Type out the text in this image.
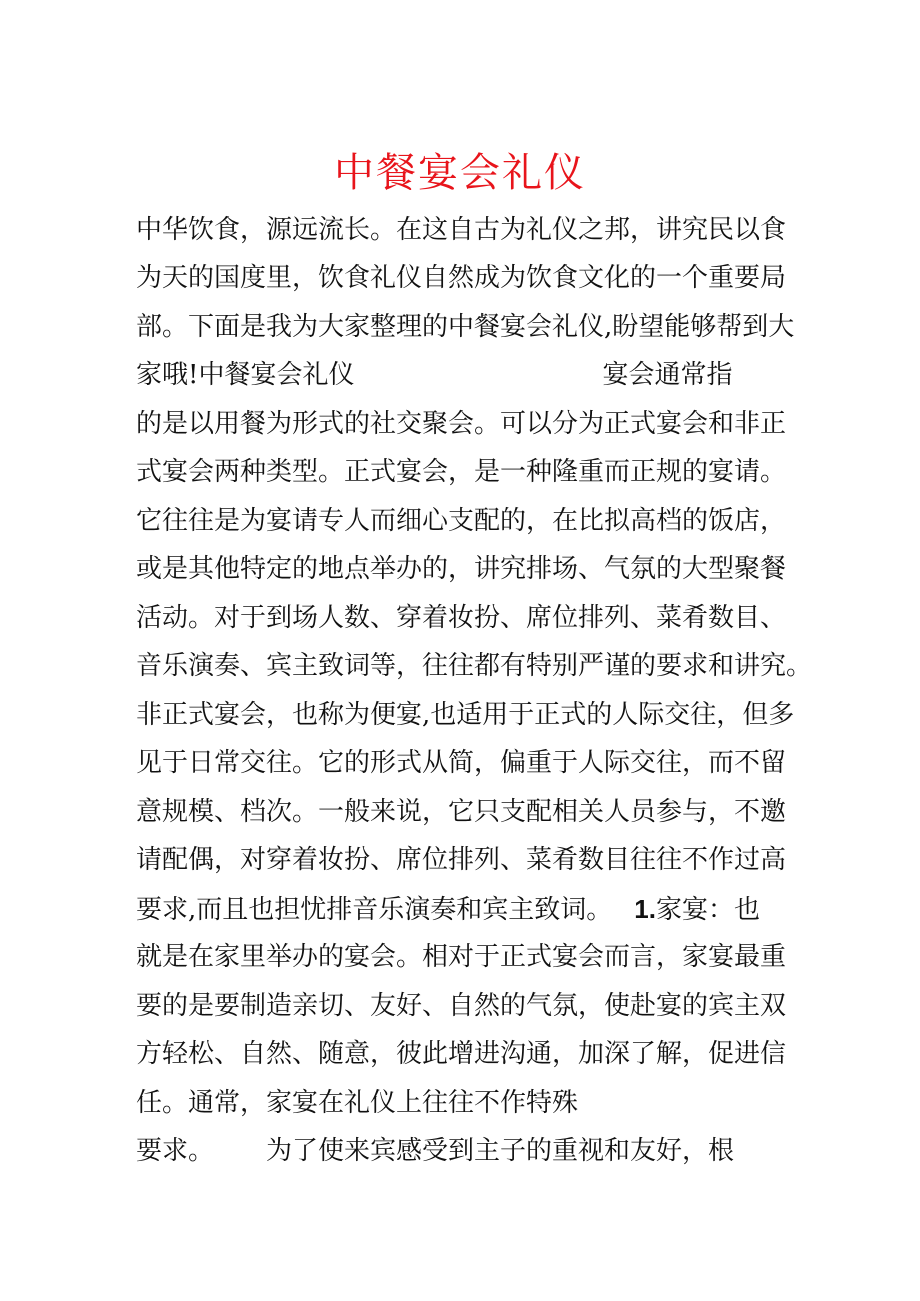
中餐宴会礼仪

中华饮食，源远流长。在这自古为礼仪之邦，讲究民以食

为天的国度里，饮食礼仪自然成为饮食文化的一个重要局

部。下面是我为大家整理的中餐宴会礼仪,盼望能够帮到大

家哦!中餐宴会礼仪	宴会通常指

的是以用餐为形式的社交聚会。可以分为正式宴会和非正

式宴会两种类型。正式宴会，是一种隆重而正规的宴请。

它往往是为宴请专人而细心支配的，在比拟高档的饭店，

或是其他特定的地点举办的，讲究排场、气氛的大型聚餐

活动。对于到场人数、穿着妆扮、席位排列、菜肴数目、

音乐演奏、宾主致词等，往往都有特别严谨的要求和讲究。

非正式宴会，也称为便宴,也适用于正式的人际交往，但多

见于日常交往。它的形式从简，偏重于人际交往，而不留

意规模、档次。一般来说，它只支配相关人员参与，不邀

请配偶，对穿着妆扮、席位排列、菜肴数目往往不作过高

要求,而且也担忧排音乐演奏和宾主致词。 1.家宴：也

就是在家里举办的宴会。相对于正式宴会而言，家宴最重

要的是要制造亲切、友好、自然的气氛，使赴宴的宾主双

方轻松、自然、随意，彼此增进沟通，加深了解，促进信

任。通常，家宴在礼仪上往往不作特殊

要求。 为了使来宾感受到主子的重视和友好，根
